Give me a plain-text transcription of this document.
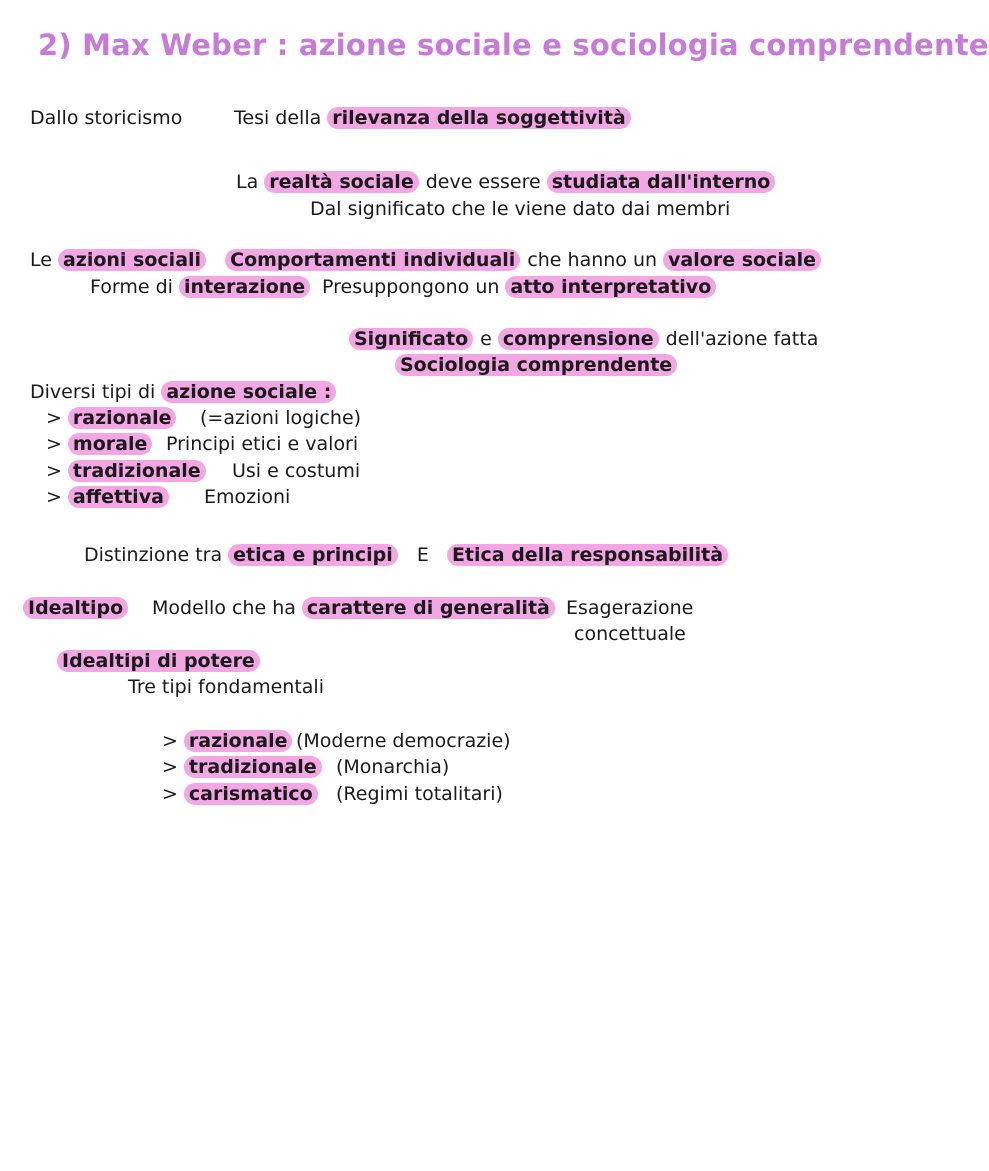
2) Max Weber : azione sociale e sociologia comprendente
Dallo storicismo	Tesi della rilevanza della soggettività
La realtà sociale deve essere studiata dall'interno
Dal significato che le viene dato dai membri
Le azioni sociali Comportamenti individuali che hanno un valore sociale
Forme di interazione Presuppongono un atto interpretativo
Significato e comprensione dell'azione fatta
Sociologia comprendente
Diversi tipi di azione sociale :
> razionale	(=azioni logiche)
> morale Principi etici e valori
> tradizionale	Usi e costumi
> affettiva	Emozioni
Distinzione tra etica e principi E Etica della responsabilità
Idealtipo	Modello che ha carattere di generalità Esagerazione
concettuale
Idealtipi di potere
Tre tipi fondamentali
> razionale (Moderne democrazie)
> tradizionale	(Monarchia)
> carismatico	(Regimi totalitari)
